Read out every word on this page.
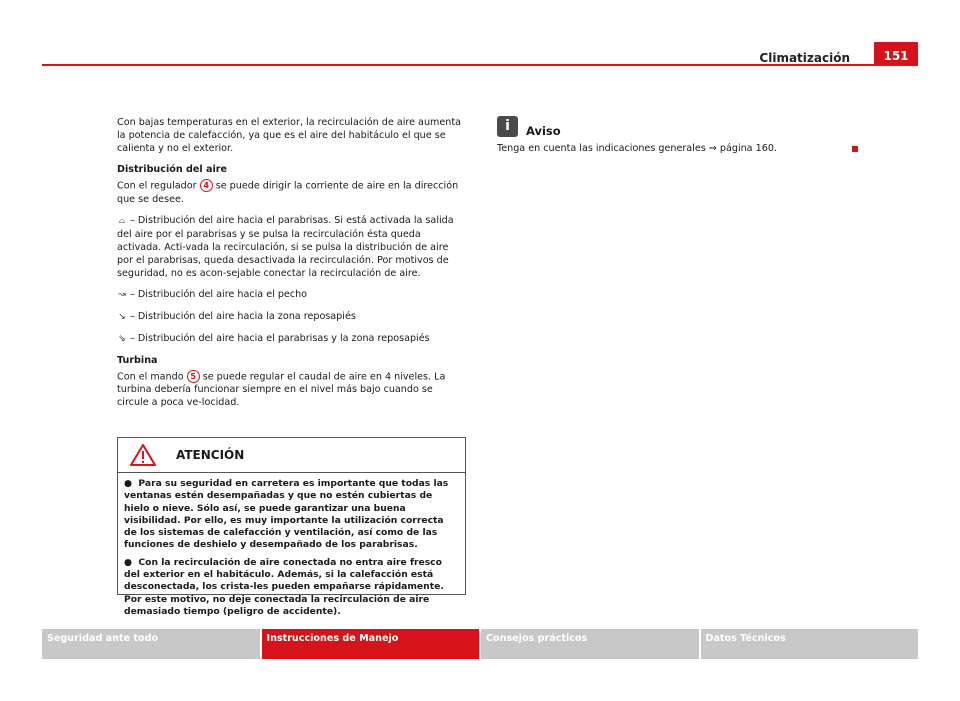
Climatización	151

Con bajas temperaturas en el exterior, la recirculación de aire aumenta la potencia de calefacción, ya que es el aire del habitáculo el que se calienta y no el exterior.

Distribución del aire

Con el regulador 4 se puede dirigir la corriente de aire en la dirección que se desee.

⌓ – Distribución del aire hacia el parabrisas. Si está activada la salida del aire por el parabrisas y se pulsa la recirculación ésta queda activada. Acti-vada la recirculación, si se pulsa la distribución de aire por el parabrisas, queda desactivada la recirculación. Por motivos de seguridad, no es acon-sejable conectar la recirculación de aire.

↝ – Distribución del aire hacia el pecho

↘ – Distribución del aire hacia la zona reposapiés

⇘ – Distribución del aire hacia el parabrisas y la zona reposapiés

Turbina

Con el mando 5 se puede regular el caudal de aire en 4 niveles. La turbina debería funcionar siempre en el nivel más bajo cuando se circule a poca ve-locidad.

ATENCIÓN

●  Para su seguridad en carretera es importante que todas las ventanas estén desempañadas y que no estén cubiertas de hielo o nieve. Sólo así, se puede garantizar una buena visibilidad. Por ello, es muy importante la utilización correcta de los sistemas de calefacción y ventilación, así como de las funciones de deshielo y desempañado de los parabrisas.

●  Con la recirculación de aire conectada no entra aire fresco del exterior en el habitáculo. Además, si la calefacción está desconectada, los crista-les pueden empañarse rápidamente. Por este motivo, no deje conectada la recirculación de aire demasiado tiempo (peligro de accidente).

i	Aviso
Tenga en cuenta las indicaciones generales ⇒ página 160.
Seguridad ante todo	Instrucciones de Manejo	Consejos prácticos	Datos Técnicos
